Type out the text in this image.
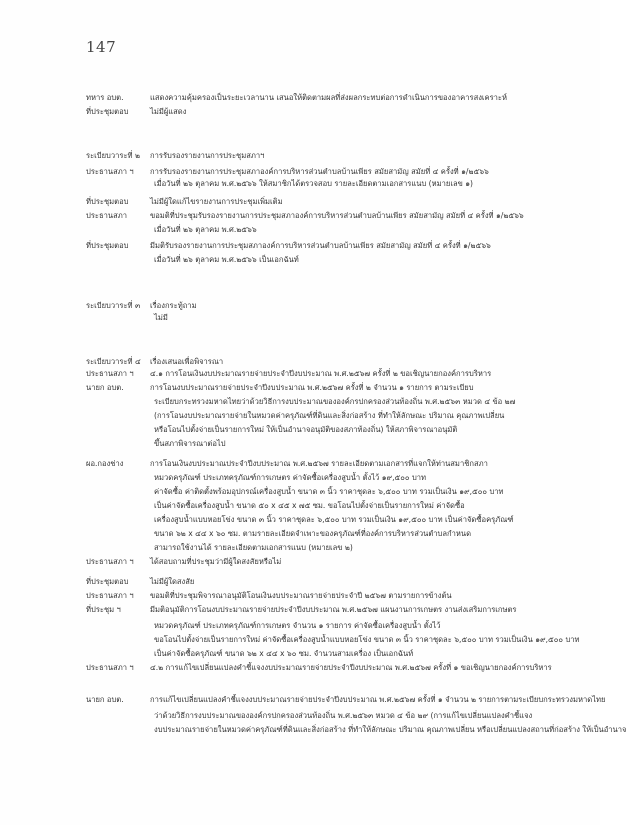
147
ทหาร อบต.	แสดงความคุ้มครองเป็นระยะเวลานาน เสนอให้ติดตามผลที่ส่งผลกระทบต่อการดำเนินการของอาคารสงเคราะห์
ที่ประชุมตอบ	ไม่มีผู้แสดง
ระเบียบวาระที่ ๒	การรับรองรายงานการประชุมสภาฯ
ประธานสภา ฯ	การรับรองรายงานการประชุมสภาองค์การบริหารส่วนตำบลบ้านเพียร สมัยสามัญ สมัยที่ ๔ ครั้งที่ ๑/๒๕๖๖
เมื่อวันที่ ๒๖ ตุลาคม พ.ศ.๒๕๖๖ ให้สมาชิกได้ตรวจสอบ รายละเอียดตามเอกสารแนบ (หมายเลข ๑)
ที่ประชุมตอบ	ไม่มีผู้ใดแก้ไขรายงานการประชุมเพิ่มเติม
ประธานสภา	ขอมติที่ประชุมรับรองรายงานการประชุมสภาองค์การบริหารส่วนตำบลบ้านเพียร สมัยสามัญ สมัยที่ ๔ ครั้งที่ ๑/๒๕๖๖
เมื่อวันที่ ๒๖ ตุลาคม พ.ศ.๒๕๖๖
ที่ประชุมตอบ	มีมติรับรองรายงานการประชุมสภาองค์การบริหารส่วนตำบลบ้านเพียร สมัยสามัญ สมัยที่ ๔ ครั้งที่ ๑/๒๕๖๖
เมื่อวันที่ ๒๖ ตุลาคม พ.ศ.๒๕๖๖ เป็นเอกฉันท์
ระเบียบวาระที่ ๓	เรื่องกระทู้ถาม
ไม่มี
ระเบียบวาระที่ ๔	เรื่องเสนอเพื่อพิจารณา
ประธานสภา ฯ	๔.๑ การโอนเงินงบประมาณรายจ่ายประจำปีงบประมาณ พ.ศ.๒๕๖๗ ครั้งที่ ๒ ขอเชิญนายกองค์การบริหาร
นายก อบต.	การโอนงบประมาณรายจ่ายประจำปีงบประมาณ พ.ศ.๒๕๖๗ ครั้งที่ ๒ จำนวน ๑ รายการ ตามระเบียบ
ระเบียบกระทรวงมหาดไทยว่าด้วยวิธีการงบประมาณขององค์กรปกครองส่วนท้องถิ่น พ.ศ.๒๕๖๓ หมวด ๔ ข้อ ๒๗
(การโอนงบประมาณรายจ่ายในหมวดค่าครุภัณฑ์ที่ดินและสิ่งก่อสร้าง ที่ทำให้ลักษณะ ปริมาณ คุณภาพเปลี่ยน
หรือโอนไปตั้งจ่ายเป็นรายการใหม่ ให้เป็นอำนาจอนุมัติของสภาท้องถิ่น) ให้สภาพิจารณาอนุมัติ
ขึ้นสภาพิจารณาต่อไป
ผอ.กองช่าง	การโอนเงินงบประมาณประจำปีงบประมาณ พ.ศ.๒๕๖๗ รายละเอียดตามเอกสารที่แจกให้ท่านสมาชิกสภา
หมวดครุภัณฑ์ ประเภทครุภัณฑ์การเกษตร ค่าจัดซื้อเครื่องสูบน้ำ ตั้งไว้ ๑๙,๕๐๐ บาท
ค่าจัดซื้อ ค่าติดตั้งพร้อมอุปกรณ์เครื่องสูบน้ำ ขนาด ๓ นิ้ว ราคาชุดละ ๖,๕๐๐ บาท รวมเป็นเงิน ๑๙,๕๐๐ บาท
เป็นค่าจัดซื้อเครื่องสูบน้ำ ขนาด ๕๐ x ๔๕ x ๗๕ ซม. ขอโอนไปตั้งจ่ายเป็นรายการใหม่ ค่าจัดซื้อ
เครื่องสูบน้ำแบบหอยโข่ง ขนาด ๓ นิ้ว ราคาชุดละ ๖,๕๐๐ บาท รวมเป็นเงิน ๑๙,๕๐๐ บาท เป็นค่าจัดซื้อครุภัณฑ์
ขนาด ๖๒ x ๔๔ x ๖๐ ซม. ตามรายละเอียดจำเพาะของครุภัณฑ์ที่องค์การบริหารส่วนตำบลกำหนด
สามารถใช้งานได้ รายละเอียดตามเอกสารแนบ (หมายเลข ๒)
ประธานสภา ฯ	ได้สอบถามที่ประชุมว่ามีผู้ใดสงสัยหรือไม่
ที่ประชุมตอบ	ไม่มีผู้ใดสงสัย
ประธานสภา ฯ	ขอมติที่ประชุมพิจารณาอนุมัติโอนเงินงบประมาณรายจ่ายประจำปี ๒๕๖๗ ตามรายการข้างต้น
ที่ประชุม ฯ	มีมติอนุมัติการโอนงบประมาณรายจ่ายประจำปีงบประมาณ พ.ศ.๒๕๖๗ แผนงานการเกษตร งานส่งเสริมการเกษตร
หมวดครุภัณฑ์ ประเภทครุภัณฑ์การเกษตร จำนวน ๑ รายการ ค่าจัดซื้อเครื่องสูบน้ำ ตั้งไว้
ขอโอนไปตั้งจ่ายเป็นรายการใหม่ ค่าจัดซื้อเครื่องสูบน้ำแบบหอยโข่ง ขนาด ๓ นิ้ว ราคาชุดละ ๖,๕๐๐ บาท รวมเป็นเงิน ๑๙,๕๐๐ บาท
เป็นค่าจัดซื้อครุภัณฑ์ ขนาด ๖๒ x ๔๔ x ๖๐ ซม. จำนวนสามเครื่อง เป็นเอกฉันท์
ประธานสภา ฯ	๔.๒ การแก้ไขเปลี่ยนแปลงคำชี้แจงงบประมาณรายจ่ายประจำปีงบประมาณ พ.ศ.๒๕๖๗ ครั้งที่ ๑ ขอเชิญนายกองค์การบริหาร
นายก อบต.	การแก้ไขเปลี่ยนแปลงคำชี้แจงงบประมาณรายจ่ายประจำปีงบประมาณ พ.ศ.๒๕๖๗ ครั้งที่ ๑ จำนวน ๒ รายการตามระเบียบกระทรวงมหาดไทย
ว่าด้วยวิธีการงบประมาณขององค์กรปกครองส่วนท้องถิ่น พ.ศ.๒๕๖๓ หมวด ๔ ข้อ ๒๙ (การแก้ไขเปลี่ยนแปลงคำชี้แจง
งบประมาณรายจ่ายในหมวดค่าครุภัณฑ์ที่ดินและสิ่งก่อสร้าง ที่ทำให้ลักษณะ ปริมาณ คุณภาพเปลี่ยน หรือเปลี่ยนแปลงสถานที่ก่อสร้าง ให้เป็นอำนาจ
